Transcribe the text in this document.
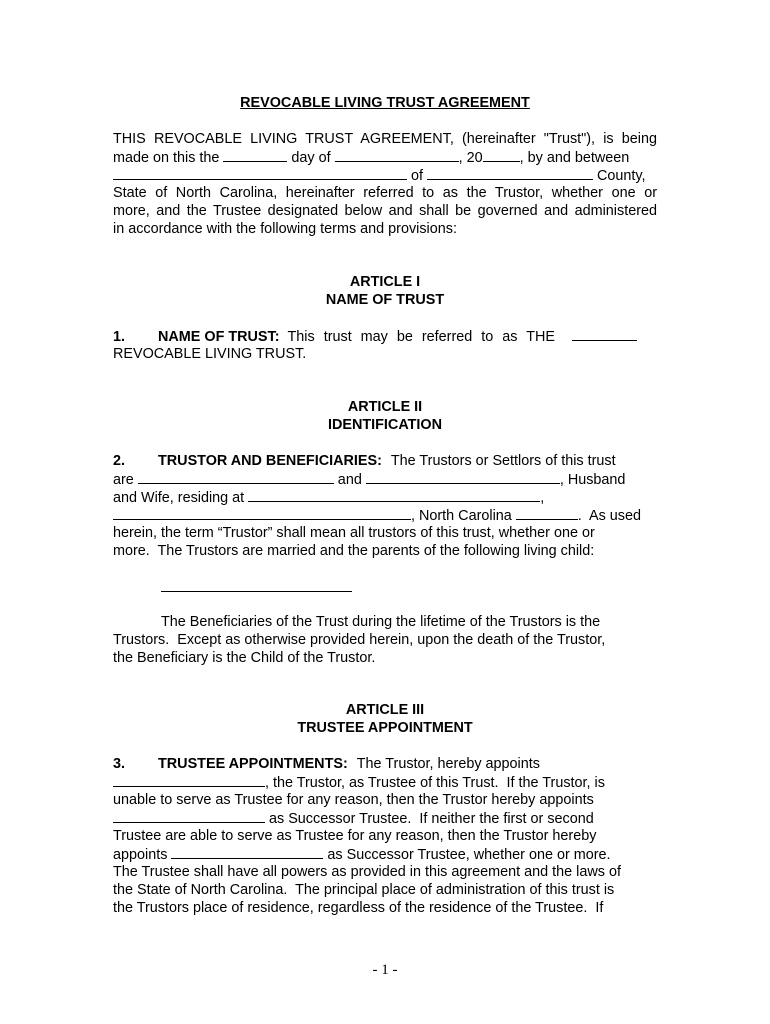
REVOCABLE LIVING TRUST AGREEMENT
THIS REVOCABLE LIVING TRUST AGREEMENT, (hereinafter "Trust"), is being
made on this the	day of	, 20	, by and between
of	County,
State of North Carolina, hereinafter referred to as the Trustor, whether one or
more, and the Trustee designated below and shall be governed and administered
in accordance with the following terms and provisions:
ARTICLE I
NAME OF TRUST
1. NAME OF TRUST: This trust may be referred to as THE
REVOCABLE LIVING TRUST.
ARTICLE II
IDENTIFICATION
2. TRUSTOR AND BENEFICIARIES: The Trustors or Settlors of this trust
are	and	, Husband
and Wife, residing at	,
, North Carolina	.  As used
herein, the term “Trustor” shall mean all trustors of this trust, whether one or
more.  The Trustors are married and the parents of the following living child:
The Beneficiaries of the Trust during the lifetime of the Trustors is the
Trustors.  Except as otherwise provided herein, upon the death of the Trustor,
the Beneficiary is the Child of the Trustor.
ARTICLE III
TRUSTEE APPOINTMENT
3. TRUSTEE APPOINTMENTS: The Trustor, hereby appoints
, the Trustor, as Trustee of this Trust.  If the Trustor, is
unable to serve as Trustee for any reason, then the Trustor hereby appoints
as Successor Trustee.  If neither the first or second
Trustee are able to serve as Trustee for any reason, then the Trustor hereby
appoints	as Successor Trustee, whether one or more.
The Trustee shall have all powers as provided in this agreement and the laws of
the State of North Carolina.  The principal place of administration of this trust is
the Trustors place of residence, regardless of the residence of the Trustee.  If
- 1 -
